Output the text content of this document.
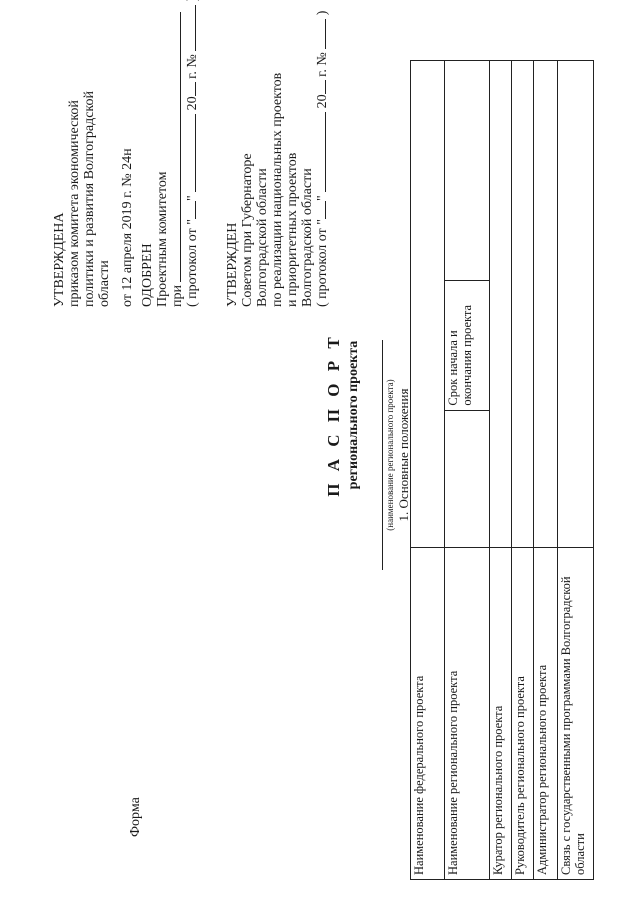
УТВЕРЖДЕНА приказом комитета экономической политики и развития Волгоградской области от 12 апреля 2019 г. № 24н ОДОБРЕН Проектным комитетом при ( протокол от ""  20 г. №
УТВЕРЖДЕН Советом при Губернаторе Волгоградской области по реализации национальных проектов и приоритетных проектов Волгоградской области ( протокол от ""  20 г. №  )
Форма
П А С П О Р Т регионального проекта	(наименование регионального проекта) 1. Основные положения
Наименование федерального проекта			
Наименование регионального проекта		Срок начала и окончания проекта	
Куратор регионального проекта			
Руководитель регионального проекта			
Администратор регионального проекта			
Связь с государственными программами Волгоградской области			
